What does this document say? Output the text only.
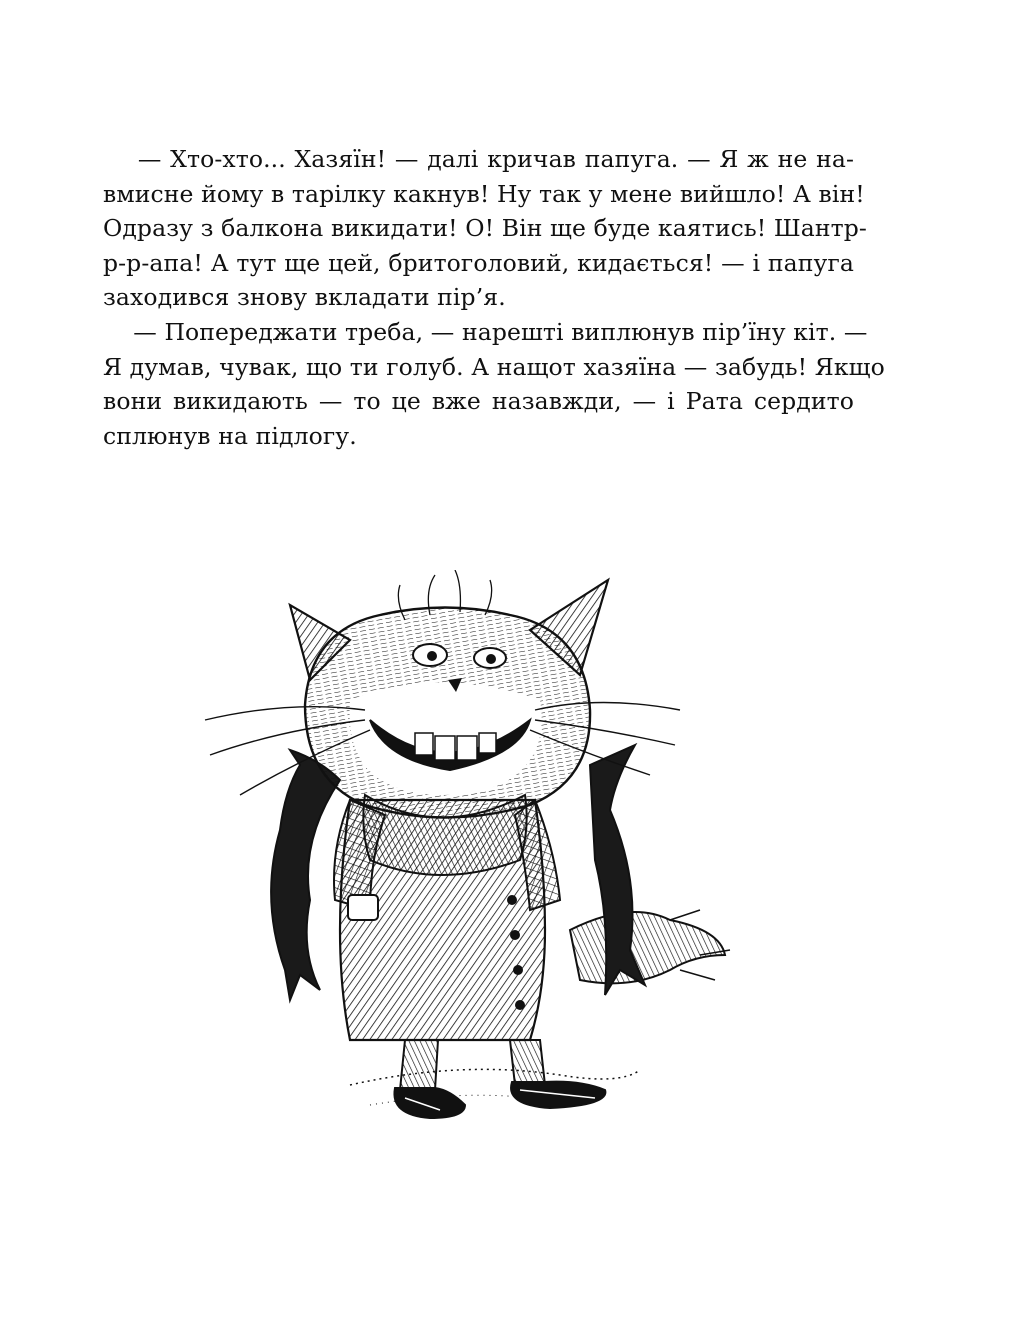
— Хто-хто... Хазяїн! — далі кричав папуга. — Я ж не на-
вмисне йому в тарілку какнув! Ну так у мене вийшло! А він!
Одразу з балкона викидати! О! Він ще буде каятись! Шантр-
р-р-апа! А тут ще цей, бритоголовий, кидається! — і папуга
заходився знову вкладати пір’я.

— Попереджати треба, — нарешті виплюнув пір’їну кіт. —
Я думав, чувак, що ти голуб. А нащот хазяїна — забудь! Якщо
вони викидають — то це вже назавжди, — і Рата сердито
сплюнув на підлогу.
